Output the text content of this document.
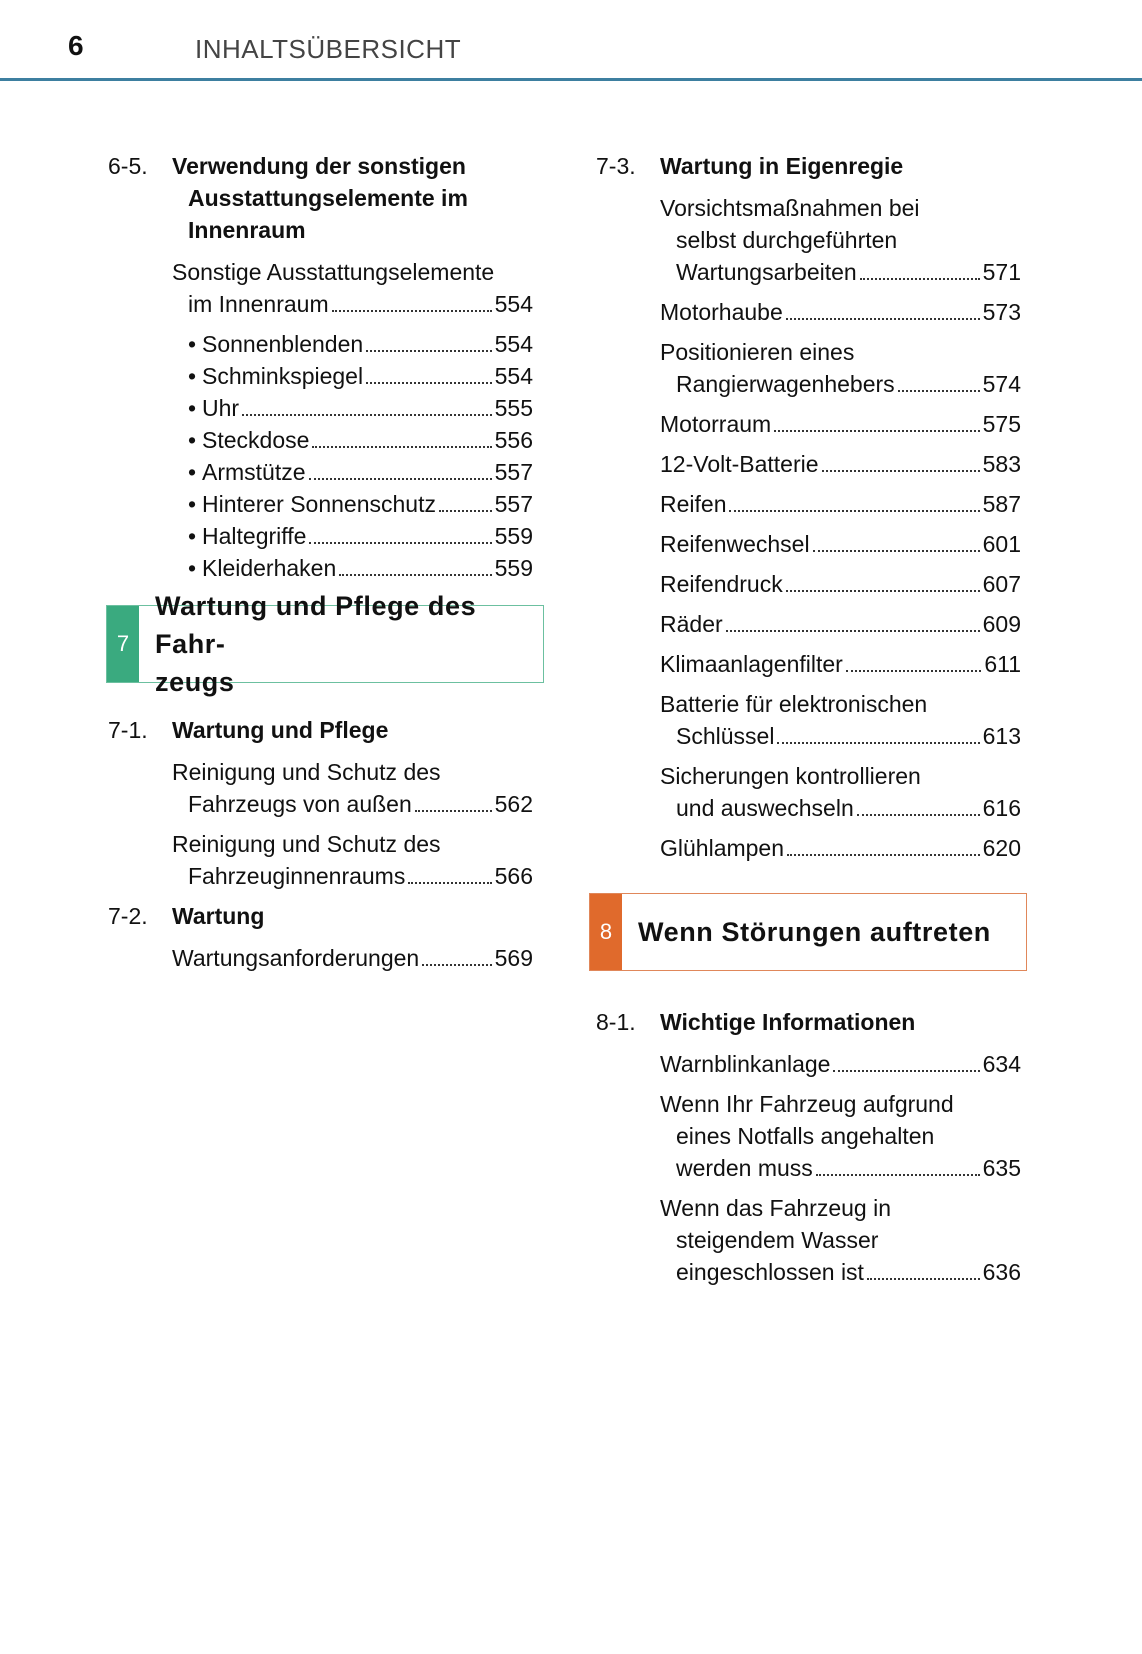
6	INHALTSÜBERSICHT
6-5. Verwendung der sonstigen
Ausstattungselemente im
Innenraum
Sonstige Ausstattungselemente
im Innenraum	554
• Sonnenblenden	554
• Schminkspiegel	554
• Uhr	555
• Steckdose	556
• Armstütze	557
• Hinterer Sonnenschutz	557
• Haltegriffe	559
• Kleiderhaken	559
7
Wartung und Pflege des Fahr-
zeugs
7-1. Wartung und Pflege
Reinigung und Schutz des
Fahrzeugs von außen	562
Reinigung und Schutz des
Fahrzeuginnenraums	566
7-2. Wartung
Wartungsanforderungen	569
7-3. Wartung in Eigenregie
Vorsichtsmaßnahmen bei
selbst durchgeführten
Wartungsarbeiten	571
Motorhaube	573
Positionieren eines
Rangierwagenhebers	574
Motorraum	575
12-Volt-Batterie	583
Reifen	587
Reifenwechsel	601
Reifendruck	607
Räder	609
Klimaanlagenfilter	611
Batterie für elektronischen
Schlüssel	613
Sicherungen kontrollieren
und auswechseln	616
Glühlampen	620
8 Wenn Störungen auftreten
8-1. Wichtige Informationen
Warnblinkanlage	634
Wenn Ihr Fahrzeug aufgrund
eines Notfalls angehalten
werden muss	635
Wenn das Fahrzeug in
steigendem Wasser
eingeschlossen ist	636
